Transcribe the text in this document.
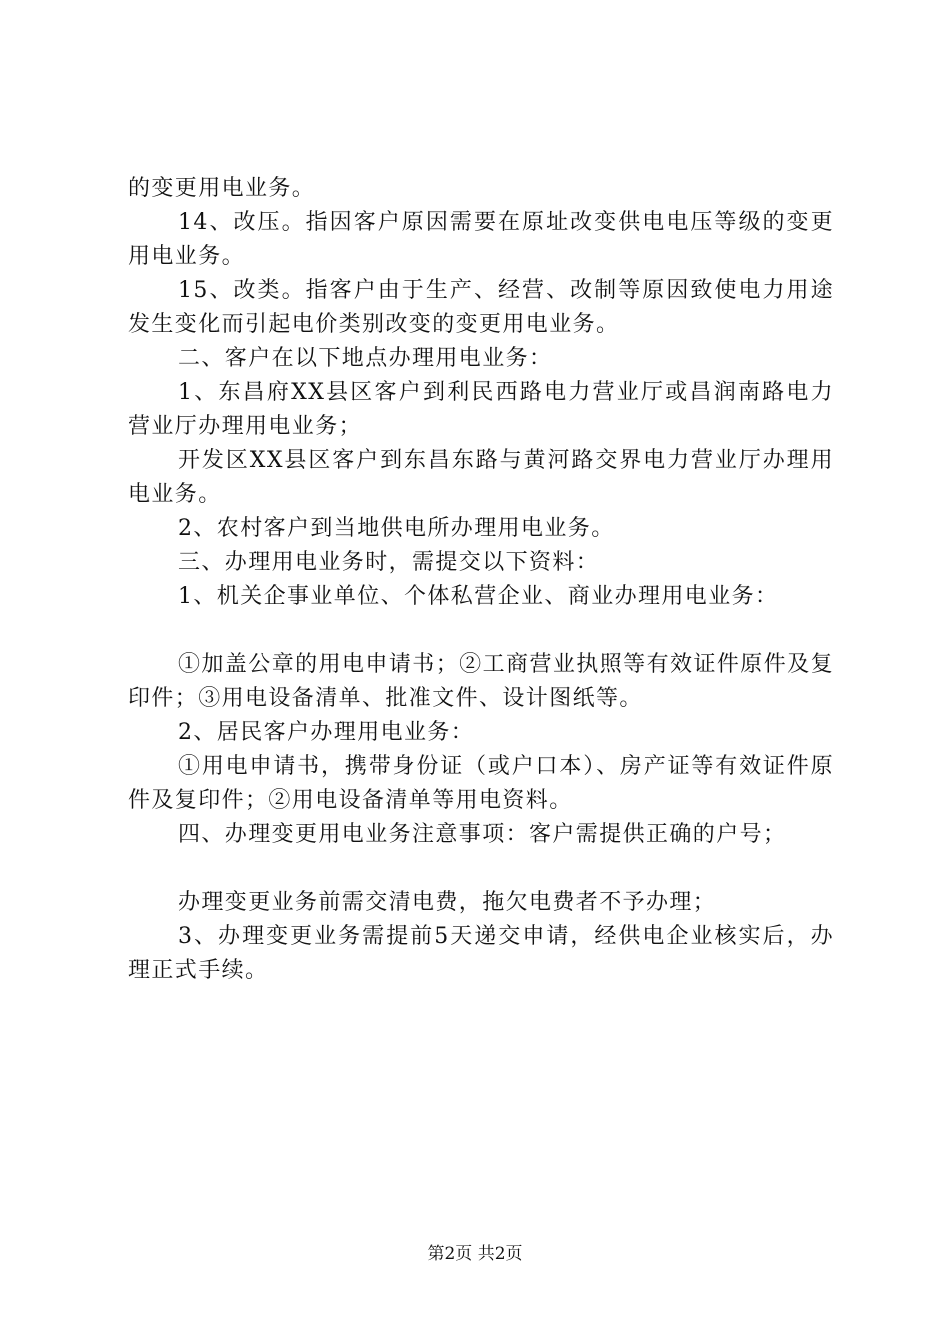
的变更用电业务。

14、改压。指因客户原因需要在原址改变供电电压等级的变更用电业务。

15、改类。指客户由于生产、经营、改制等原因致使电力用途发生变化而引起电价类别改变的变更用电业务。

二、客户在以下地点办理用电业务：

1、东昌府XX县区客户到利民西路电力营业厅或昌润南路电力营业厅办理用电业务；

开发区XX县区客户到东昌东路与黄河路交界电力营业厅办理用电业务。

2、农村客户到当地供电所办理用电业务。

三、办理用电业务时，需提交以下资料：

1、机关企事业单位、个体私营企业、商业办理用电业务：

①加盖公章的用电申请书；②工商营业执照等有效证件原件及复印件；③用电设备清单、批准文件、设计图纸等。

2、居民客户办理用电业务：

①用电申请书，携带身份证（或户口本）、房产证等有效证件原件及复印件；②用电设备清单等用电资料。

四、办理变更用电业务注意事项：客户需提供正确的户号；

办理变更业务前需交清电费，拖欠电费者不予办理；

3、办理变更业务需提前5天递交申请，经供电企业核实后，办理正式手续。

第2页 共2页
